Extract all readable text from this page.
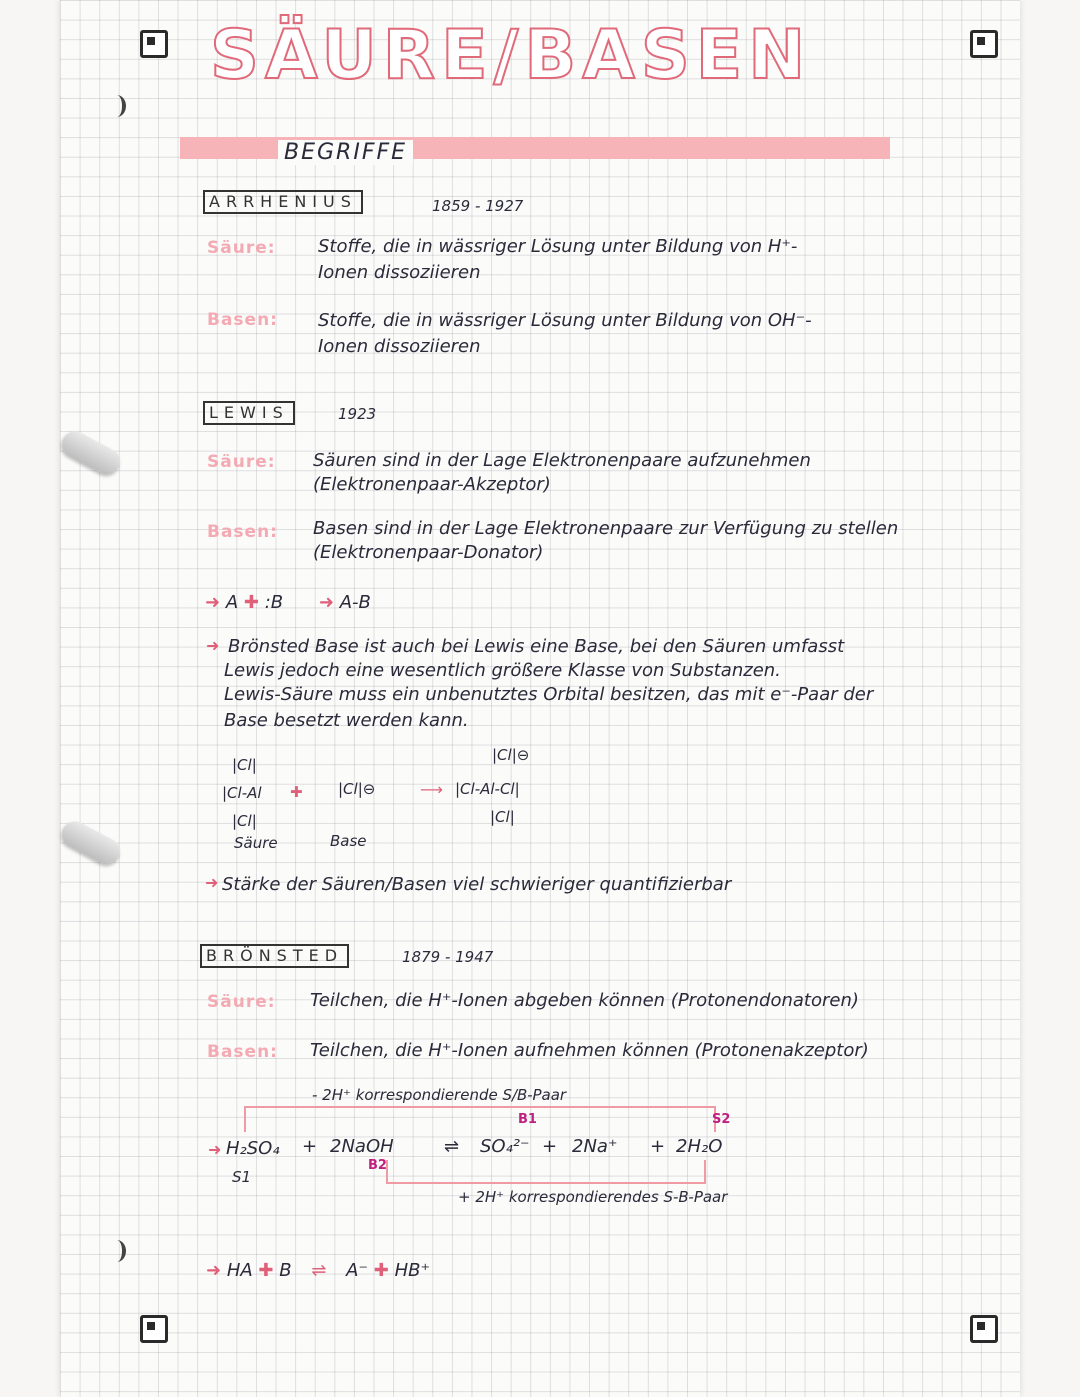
SÄURE/BASEN
BEGRIFFE
ARRHENIUS	1859 - 1927
Säure: Stoffe, die in wässriger Lösung unter Bildung von H⁺-
Ionen dissoziieren
Basen: Stoffe, die in wässriger Lösung unter Bildung von OH⁻-
Ionen dissoziieren
LEWIS	1923
Säure: Säuren sind in der Lage Elektronenpaare aufzunehmen
(Elektronenpaar-Akzeptor)
Basen: Basen sind in der Lage Elektronenpaare zur Verfügung zu stellen
(Elektronenpaar-Donator)
➜ A ✚ :B ➜ A-B
➜ Brönsted Base ist auch bei Lewis eine Base, bei den Säuren umfasst
Lewis jedoch eine wesentlich größere Klasse von Substanzen.
Lewis-Säure muss ein unbenutztes Orbital besitzen, das mit e⁻-Paar der
Base besetzt werden kann.
|Cl|
|Cl-Al
|Cl|
Säure
✚ |Cl|⊖
Base
⟶
|Cl|⊖
|Cl-Al-Cl|
|Cl|
➜ Stärke der Säuren/Basen viel schwieriger quantifizierbar
BRÖNSTED	1879 - 1947
Säure: Teilchen, die H⁺-Ionen abgeben können (Protonendonatoren)
Basen: Teilchen, die H⁺-Ionen aufnehmen können (Protonenakzeptor)
- 2H⁺ korrespondierende S/B-Paar
B1	S2
➜ H₂SO₄ + 2NaOH	⇌ SO₄²⁻ + 2Na⁺ + 2H₂O
S1
B2
+ 2H⁺ korrespondierendes S-B-Paar
➜ HA ✚ B ⇌ A⁻ ✚ HB⁺
